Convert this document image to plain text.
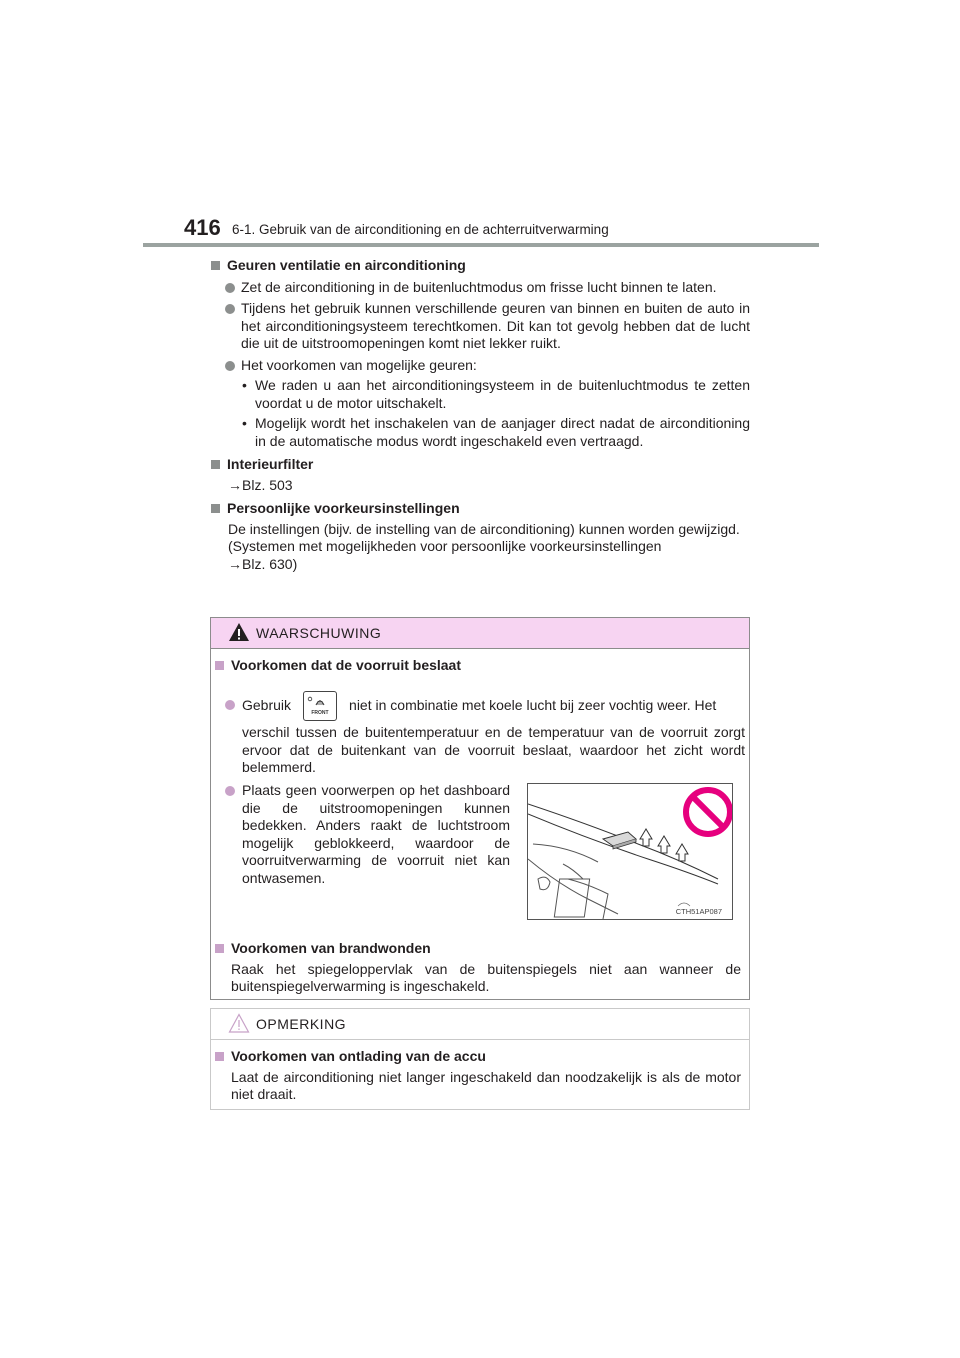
416 6-1. Gebruik van de airconditioning en de achterruitverwarming
Geuren ventilatie en airconditioning
Zet de airconditioning in de buitenluchtmodus om frisse lucht binnen te laten.
Tijdens het gebruik kunnen verschillende geuren van binnen en buiten de auto in het airconditioningsysteem terechtkomen. Dit kan tot gevolg hebben dat de lucht die uit de uitstroomopeningen komt niet lekker ruikt.
Het voorkomen van mogelijke geuren:
• We raden u aan het airconditioningsysteem in de buitenluchtmodus te zetten voordat u de motor uitschakelt.
• Mogelijk wordt het inschakelen van de aanjager direct nadat de airconditioning in de automatische modus wordt ingeschakeld even vertraagd.
Interieurfilter
→Blz. 503
Persoonlijke voorkeursinstellingen
De instellingen (bijv. de instelling van de airconditioning) kunnen worden gewijzigd.
(Systemen met mogelijkheden voor persoonlijke voorkeursinstellingen
→Blz. 630)
WAARSCHUWING
Voorkomen dat de voorruit beslaat
Gebruik
FRONT
niet in combinatie met koele lucht bij zeer vochtig weer. Het
verschil tussen de buitentemperatuur en de temperatuur van de voorruit zorgt ervoor dat de buitenkant van de voorruit beslaat, waardoor het zicht wordt belemmerd.
Plaats geen voorwerpen op het dashboard die de uitstroomopeningen kunnen bedekken. Anders raakt de luchtstroom mogelijk geblokkeerd, waardoor de voorruitverwarming de voorruit niet kan ontwasemen.
Voorkomen van brandwonden
Raak het spiegeloppervlak van de buitenspiegels niet aan wanneer de buitenspiegelverwarming is ingeschakeld.
CTH51AP087
OPMERKING
Voorkomen van ontlading van de accu
Laat de airconditioning niet langer ingeschakeld dan noodzakelijk is als de motor niet draait.
